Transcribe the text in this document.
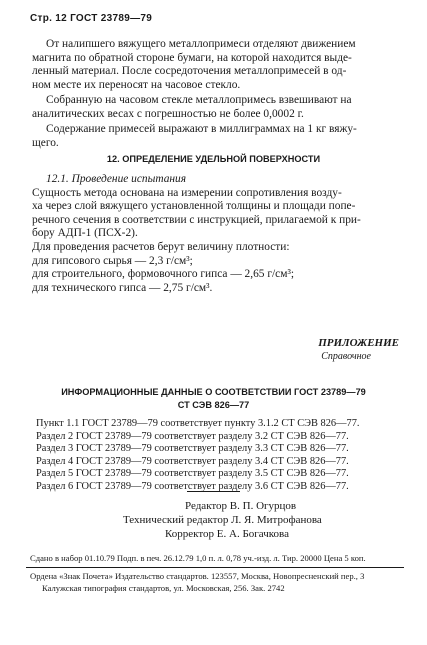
Стр. 12 ГОСТ 23789—79
От налипшего вяжущего металлопримеси отделяют движением
магнита по обратной стороне бумаги, на которой находится выде-
ленный материал. После сосредоточения металлопримесей в од-
ном месте их переносят на часовое стекло.
Собранную на часовом стекле металлопримесь взвешивают на
аналитических весах с погрешностью не более 0,0002 г.
Содержание примесей выражают в миллиграммах на 1 кг вяжу-
щего.
12. ОПРЕДЕЛЕНИЕ УДЕЛЬНОЙ ПОВЕРХНОСТИ
12.1. Проведение испытания
Сущность метода основана на измерении сопротивления возду-
ха через слой вяжущего установленной толщины и площади попе-
речного сечения в соответствии с инструкцией, прилагаемой к при-
бору АДП-1 (ПСХ-2).
Для проведения расчетов берут величину плотности:
для гипсового сырья — 2,3 г/см³;
для строительного, формовочного гипса — 2,65 г/см³;
для технического гипса — 2,75 г/см³.
ПРИЛОЖЕНИЕ
Справочное
ИНФОРМАЦИОННЫЕ ДАННЫЕ О СООТВЕТСТВИИ ГОСТ 23789—79
СТ СЭВ 826—77
Пункт 1.1 ГОСТ 23789—79 соответствует пункту 3.1.2 СТ СЭВ 826—77.
Раздел 2 ГОСТ 23789—79 соответствует разделу 3.2 СТ СЭВ 826—77.
Раздел 3 ГОСТ 23789—79 соответствует разделу 3.3 СТ СЭВ 826—77.
Раздел 4 ГОСТ 23789—79 соответствует разделу 3.4 СТ СЭВ 826—77.
Раздел 5 ГОСТ 23789—79 соответствует разделу 3.5 СТ СЭВ 826—77.
Раздел 6 ГОСТ 23789—79 соответствует разделу 3.6 СТ СЭВ 826—77.
Редактор В. П. Огурцов
Технический редактор Л. Я. Митрофанова
Корректор Е. А. Богачкова
Сдано в набор 01.10.79 Подп. в печ. 26.12.79 1,0 п. л. 0,78 уч.-изд. л. Тир. 20000 Цена 5 коп.
Ордена «Знак Почета» Издательство стандартов. 123557, Москва, Новопресненский пер., 3
Калужская типография стандартов, ул. Московская, 256. Зак. 2742
